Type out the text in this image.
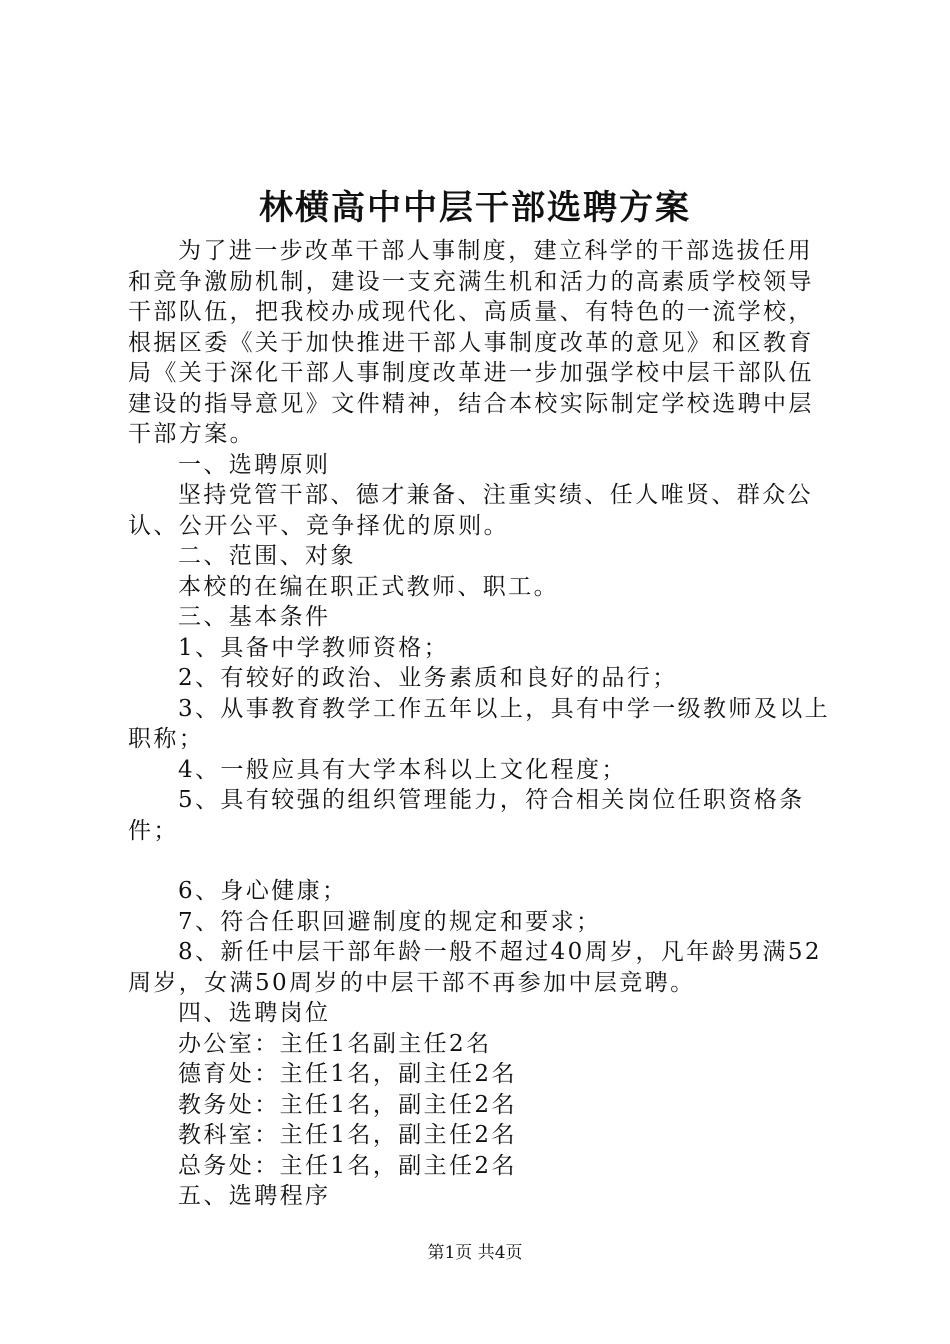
林横高中中层干部选聘方案

为了进一步改革干部人事制度，建立科学的干部选拔任用和竞争激励机制，建设一支充满生机和活力的高素质学校领导干部队伍，把我校办成现代化、高质量、有特色的一流学校，根据区委《关于加快推进干部人事制度改革的意见》和区教育局《关于深化干部人事制度改革进一步加强学校中层干部队伍建设的指导意见》文件精神，结合本校实际制定学校选聘中层干部方案。

一、选聘原则

坚持党管干部、德才兼备、注重实绩、任人唯贤、群众公认、公开公平、竞争择优的原则。

二、范围、对象

本校的在编在职正式教师、职工。

三、基本条件

1、具备中学教师资格；

2、有较好的政治、业务素质和良好的品行；

3、从事教育教学工作五年以上，具有中学一级教师及以上职称；

4、一般应具有大学本科以上文化程度；

5、具有较强的组织管理能力，符合相关岗位任职资格条件；

6、身心健康；

7、符合任职回避制度的规定和要求；

8、新任中层干部年龄一般不超过40周岁，凡年龄男满52周岁，女满50周岁的中层干部不再参加中层竞聘。

四、选聘岗位

办公室：主任1名副主任2名

德育处：主任1名，副主任2名

教务处：主任1名，副主任2名

教科室：主任1名，副主任2名

总务处：主任1名，副主任2名

五、选聘程序

第1页 共4页
